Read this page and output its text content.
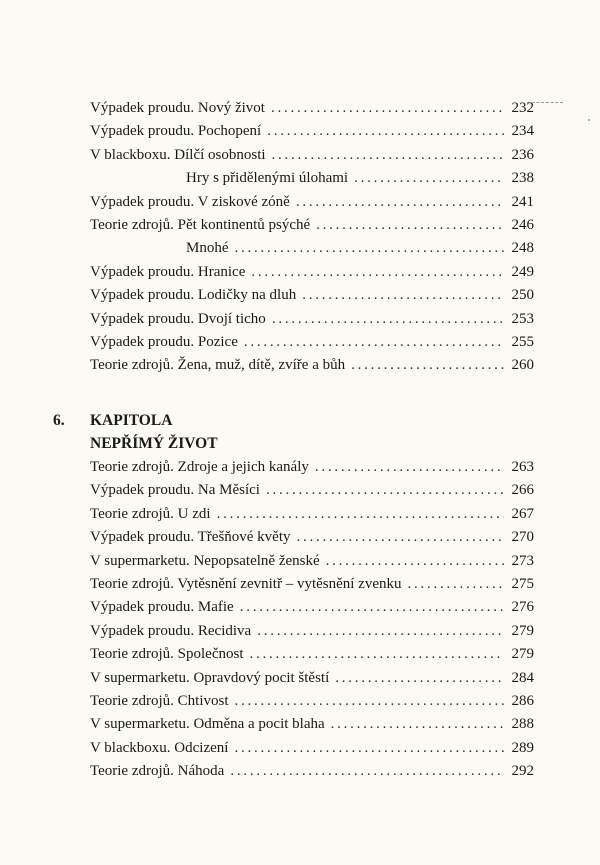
Výpadek proudu. Nový život . . .	232
Výpadek proudu. Pochopení . . .	234
V blackboxu. Dílčí osobnosti . . .	236
Hry s přidělenými úlohami . . .	238
Výpadek proudu. V ziskové zóně . . .	241
Teorie zdrojů. Pět kontinentů psýché . . .	246
Mnohé . . .	248
Výpadek proudu. Hranice . . .	249
Výpadek proudu. Lodičky na dluh . . .	250
Výpadek proudu. Dvojí ticho . . .	253
Výpadek proudu. Pozice . . .	255
Teorie zdrojů. Žena, muž, dítě, zvíře a bůh . . .	260
6. KAPITOLA
NEPŘÍMÝ ŽIVOT
Teorie zdrojů. Zdroje a jejich kanály . . .	263
Výpadek proudu. Na Měsíci . . .	266
Teorie zdrojů. U zdi . . .	267
Výpadek proudu. Třešňové květy . . .	270
V supermarketu. Nepopsatelně ženské . . .	273
Teorie zdrojů. Vytěsnění zevnitř – vytěsnění zvenku . . .	275
Výpadek proudu. Mafie . . .	276
Výpadek proudu. Recidiva . . .	279
Teorie zdrojů. Společnost . . .	279
V supermarketu. Opravdový pocit štěstí . . .	284
Teorie zdrojů. Chtivost . . .	286
V supermarketu. Odměna a pocit blaha . . .	288
V blackboxu. Odcizení . . .	289
Teorie zdrojů. Náhoda . . .	292
